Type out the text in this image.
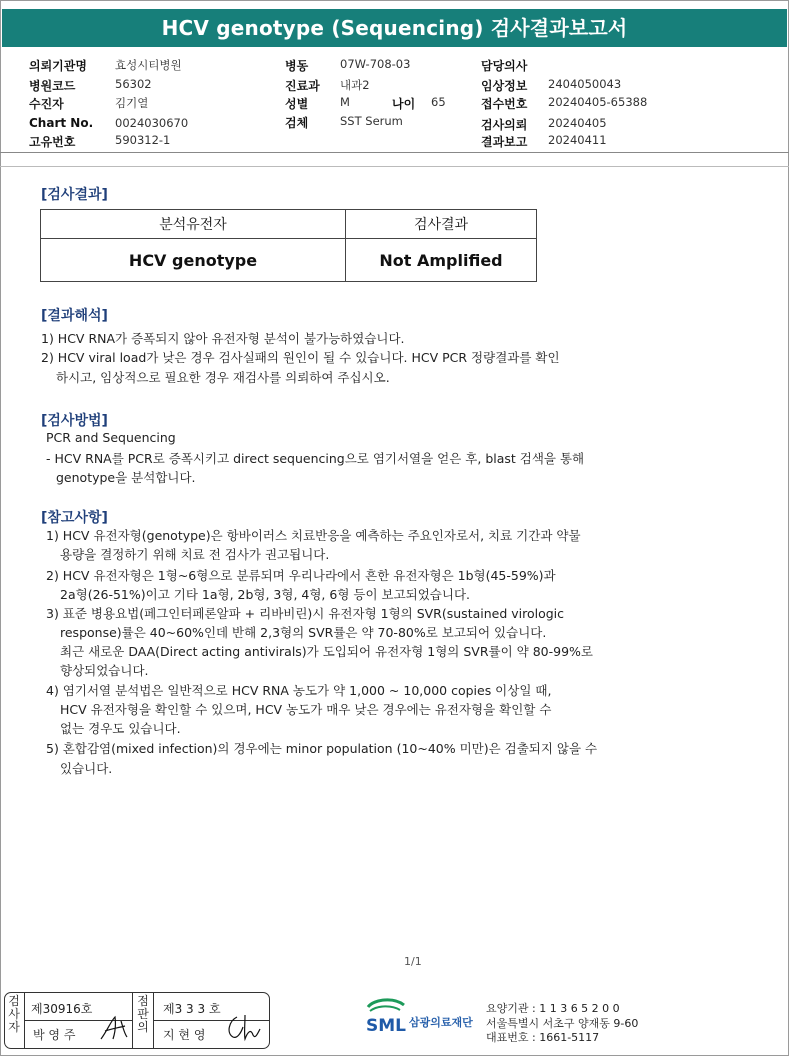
HCV genotype (Sequencing) 검사결과보고서
의뢰기관명 효성시티병원
병원코드	56302
수진자	김기열
Chart No. 0024030670
고유번호	590312-1
병동	07W-708-03
진료과 내과2
성별	M	나이 65
검체	SST Serum
담당의사
임상정보 2404050043
접수번호 20240405-65388
검사의뢰 20240405
결과보고 20240411
[검사결과]
분석유전자	검사결과
HCV genotype	Not Amplified
[결과해석]
1) HCV RNA가 증폭되지 않아 유전자형 분석이 불가능하였습니다.
2) HCV viral load가 낮은 경우 검사실패의 원인이 될 수 있습니다. HCV PCR 정량결과를 확인
하시고, 임상적으로 필요한 경우 재검사를 의뢰하여 주십시오.
[검사방법]
PCR and Sequencing
- HCV RNA를 PCR로 증폭시키고 direct sequencing으로 염기서열을 얻은 후, blast 검색을 통해
genotype을 분석합니다.
[참고사항]
1) HCV 유전자형(genotype)은 항바이러스 치료반응을 예측하는 주요인자로서, 치료 기간과 약물
용량을 결정하기 위해 치료 전 검사가 권고됩니다.
2) HCV 유전자형은 1형~6형으로 분류되며 우리나라에서 흔한 유전자형은 1b형(45-59%)과
2a형(26-51%)이고 기타 1a형, 2b형, 3형, 4형, 6형 등이 보고되었습니다.
3) 표준 병용요법(페그인터페론알파 + 리바비린)시 유전자형 1형의 SVR(sustained virologic
response)률은 40~60%인데 반해 2,3형의 SVR률은 약 70-80%로 보고되어 있습니다.
최근 새로운 DAA(Direct acting antivirals)가 도입되어 유전자형 1형의 SVR률이 약 80-99%로
향상되었습니다.
4) 염기서열 분석법은 일반적으로 HCV RNA 농도가 약 1,000 ~ 10,000 copies 이상일 때,
HCV 유전자형을 확인할 수 있으며, HCV 농도가 매우 낮은 경우에는 유전자형을 확인할 수
없는 경우도 있습니다.
5) 혼합감염(mixed infection)의 경우에는 minor population (10~40% 미만)은 검출되지 않을 수
있습니다.
1/1
검
사
자
제30916호
박 영 주
점
판
의
제3 3 3 호
지 현 영	SML 삼광의료재단
요양기관 : 1 1 3 6 5 2 0 0
서울특별시 서초구 양재동 9-60
대표번호 : 1661-5117
